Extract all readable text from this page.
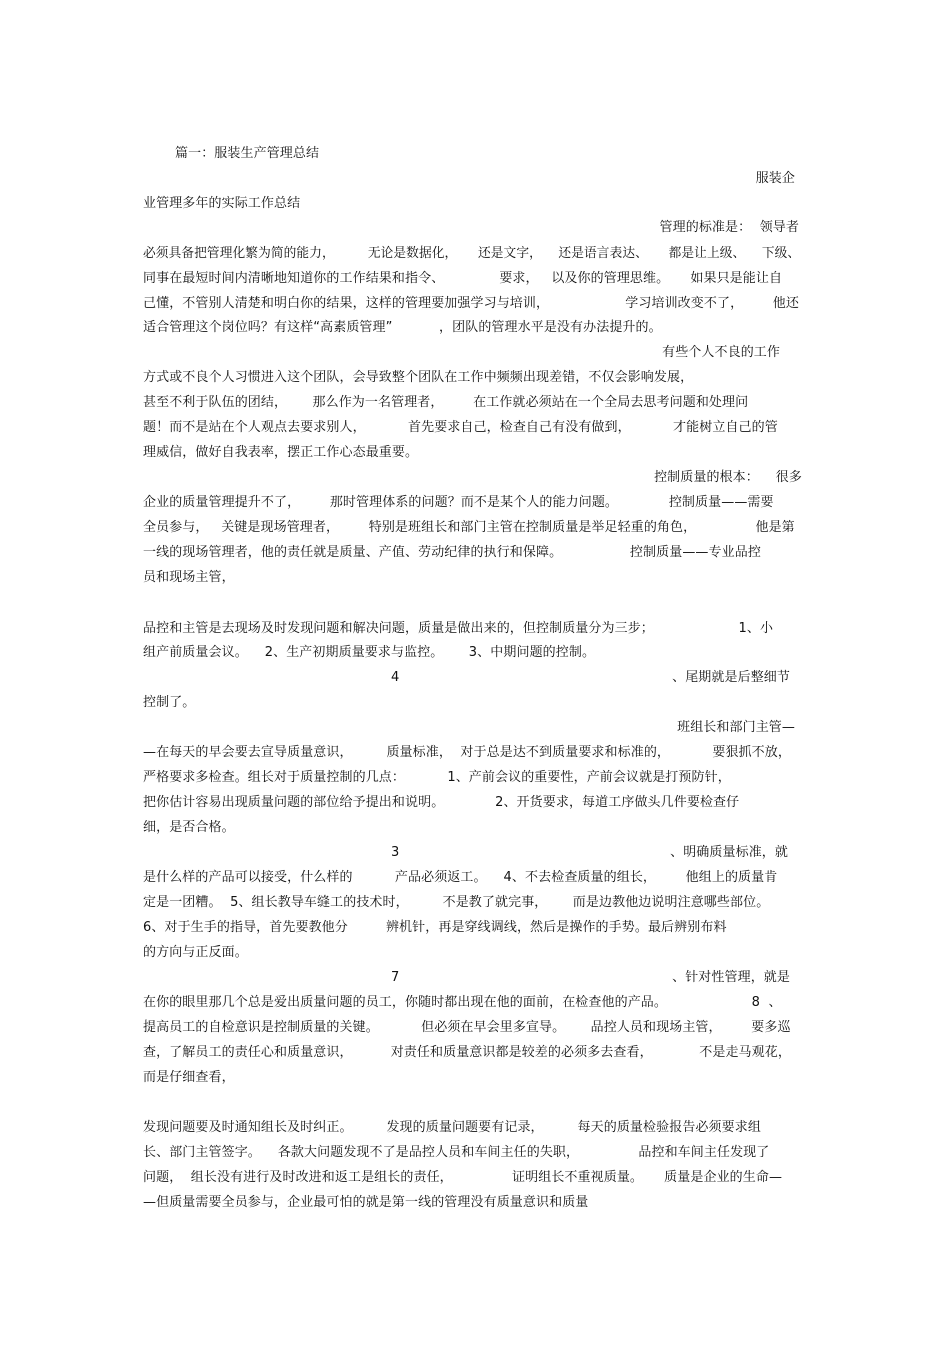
篇一：服装生产管理总结
服装企
业管理多年的实际工作总结
管理的标准是：  领导者
必须具备把管理化繁为简的能力，        无论是数据化，     还是文字，    还是语言表达、     都是让上级、    下级、
同事在最短时间内清晰地知道你的工作结果和指令、             要求，   以及你的管理思维。     如果只是能让自
己懂，不管别人清楚和明白你的结果，这样的管理要加强学习与培训，                  学习培训改变不了，       他还
适合管理这个岗位吗？有这样“高素质管理”           ，团队的管理水平是没有办法提升的。
有些个人不良的工作
方式或不良个人习惯进入这个团队，会导致整个团队在工作中频频出现差错，不仅会影响发展，
甚至不利于队伍的团结，      那么作为一名管理者，       在工作就必须站在一个全局去思考问题和处理问
题！而不是站在个人观点去要求别人，          首先要求自己，检查自己有没有做到，          才能树立自己的管
理威信，做好自我表率，摆正工作心态最重要。
控制质量的根本：    很多
企业的质量管理提升不了，       那时管理体系的问题？而不是某个人的能力问题。            控制质量——需要
全员参与，   关键是现场管理者，       特别是班组长和部门主管在控制质量是举足轻重的角色，              他是第
一线的现场管理者，他的责任就是质量、产值、劳动纪律的执行和保障。                控制质量——专业品控
员和现场主管，
品控和主管是去现场及时发现问题和解决问题，质量是做出来的，但控制质量分为三步；                    1、小
组产前质量会议。    2、生产初期质量要求与监控。      3、中期问题的控制。
4	、尾期就是后整细节
控制了。
班组长和部门主管—
—在每天的早会要去宣导质量意识，        质量标准，  对于总是达不到质量要求和标准的，          要狠抓不放，
严格要求多检查。组长对于质量控制的几点：          1、产前会议的重要性，产前会议就是打预防针，
把你估计容易出现质量问题的部位给予提出和说明。            2、开货要求，每道工序做头几件要检查仔
细，是否合格。
3	、明确质量标准，就
是什么样的产品可以接受，什么样的          产品必须返工。    4、不去检查质量的组长，       他组上的质量肯
定是一团糟。  5、组长教导车缝工的技术时，        不是教了就完事，      而是边教他边说明注意哪些部位。
6、对于生手的指导，首先要教他分         辨机针，再是穿线调线，然后是操作的手势。最后辨别布料
的方向与正反面。
7	、针对性管理，就是
在你的眼里那几个总是爱出质量问题的员工，你随时都出现在他的面前，在检查他的产品。                    8  、
提高员工的自检意识是控制质量的关键。          但必须在早会里多宣导。      品控人员和现场主管，       要多巡
查，了解员工的责任心和质量意识，         对责任和质量意识都是较差的必须多去查看，           不是走马观花，
而是仔细查看，
发现问题要及时通知组长及时纠正。        发现的质量问题要有记录，        每天的质量检验报告必须要求组
长、部门主管签字。    各款大问题发现不了是品控人员和车间主任的失职，              品控和车间主任发现了
问题，  组长没有进行及时改进和返工是组长的责任，              证明组长不重视质量。     质量是企业的生命—
—但质量需要全员参与，企业最可怕的就是第一线的管理没有质量意识和质量
